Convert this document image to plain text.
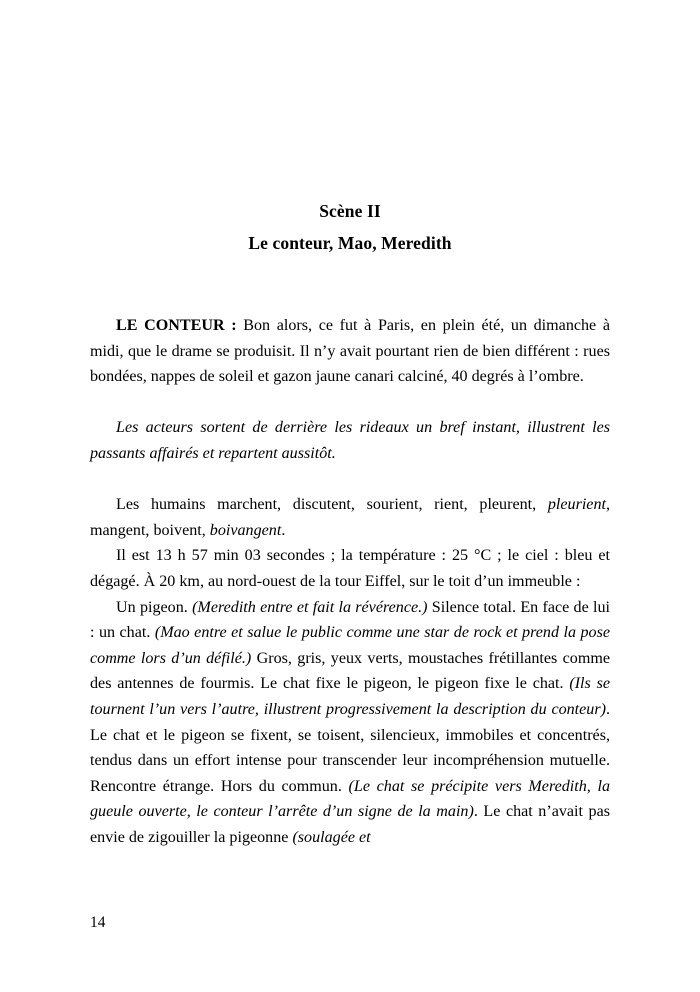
Scène II
Le conteur, Mao, Meredith

LE CONTEUR : Bon alors, ce fut à Paris, en plein été, un dimanche à midi, que le drame se produisit. Il n’y avait pourtant rien de bien différent : rues bondées, nappes de soleil et gazon jaune canari calciné, 40 degrés à l’ombre.

Les acteurs sortent de derrière les rideaux un bref instant, illustrent les passants affairés et repartent aussitôt.

Les humains marchent, discutent, sourient, rient, pleurent, pleurient, mangent, boivent, boivangent.

Il est 13 h 57 min 03 secondes ; la température : 25 °C ; le ciel : bleu et dégagé. À 20 km, au nord-ouest de la tour Eiffel, sur le toit d’un immeuble :

Un pigeon. (Meredith entre et fait la révérence.) Silence total. En face de lui : un chat. (Mao entre et salue le public comme une star de rock et prend la pose comme lors d’un défilé.) Gros, gris, yeux verts, moustaches frétillantes comme des antennes de fourmis. Le chat fixe le pigeon, le pigeon fixe le chat. (Ils se tournent l’un vers l’autre, illustrent progressivement la description du conteur). Le chat et le pigeon se fixent, se toisent, silencieux, immobiles et concentrés, tendus dans un effort intense pour transcender leur incompréhension mutuelle. Rencontre étrange. Hors du commun. (Le chat se précipite vers Meredith, la gueule ouverte, le conteur l’arrête d’un signe de la main). Le chat n’avait pas envie de zigouiller la pigeonne (soulagée et

14
